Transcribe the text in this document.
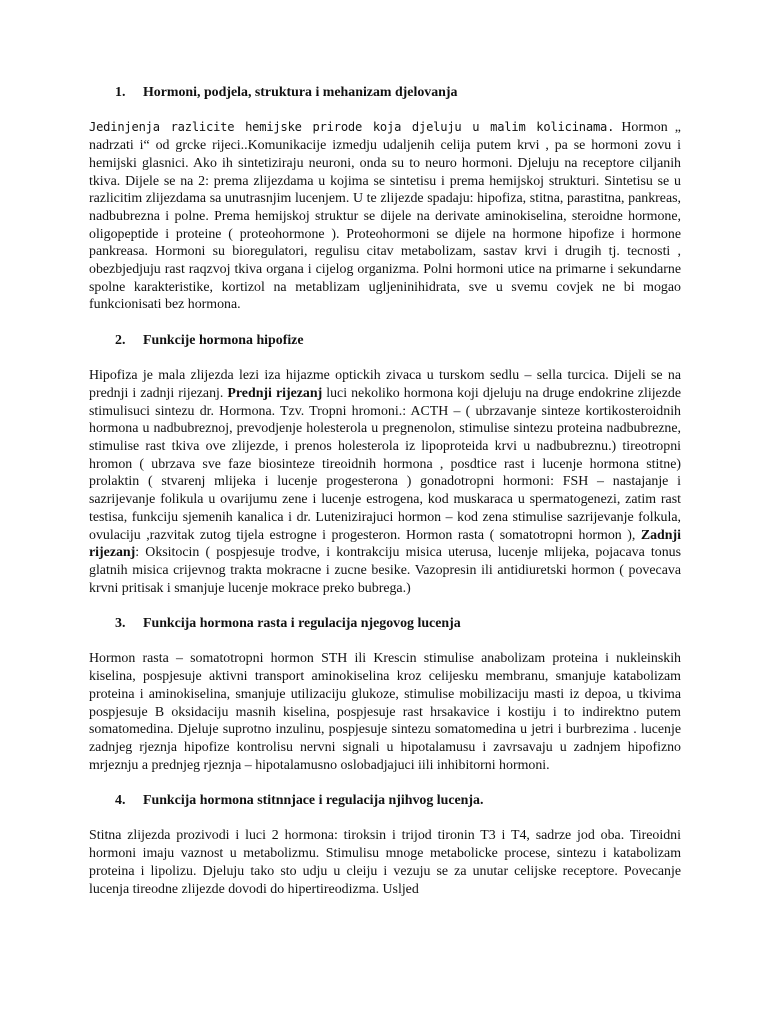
1. Hormoni, podjela, struktura i mehanizam djelovanja

Jedinjenja razlicite hemijske prirode koja djeluju u malim kolicinama. Hormon „ nadrzati i“ od grcke rijeci..Komunikacije izmedju udaljenih celija putem krvi , pa se hormoni zovu i hemijski glasnici. Ako ih sintetiziraju neuroni, onda su to neuro hormoni. Djeluju na receptore ciljanih tkiva. Dijele se na 2: prema zlijezdama u kojima se sintetisu i prema hemijskoj strukturi. Sintetisu se u razlicitim zlijezdama sa unutrasnjim lucenjem. U te zlijezde spadaju: hipofiza, stitna, parastitna, pankreas, nadbubrezna i polne. Prema hemijskoj struktur se dijele na derivate aminokiselina, steroidne hormone, oligopeptide i proteine ( proteohormone ). Proteohormoni se dijele na hormone hipofize i hormone pankreasa. Hormoni su bioregulatori, regulisu citav metabolizam, sastav krvi i drugih tj. tecnosti , obezbjedjuju rast raqzvoj tkiva organa i cijelog organizma. Polni hormoni utice na primarne i sekundarne spolne karakteristike, kortizol na metablizam ugljeninihidrata, sve u svemu covjek ne bi mogao funkcionisati bez hormona.

2. Funkcije hormona hipofize

Hipofiza je mala zlijezda lezi iza hijazme optickih zivaca u turskom sedlu – sella turcica. Dijeli se na prednji i zadnji rijezanj. Prednji rijezanj luci nekoliko hormona koji djeluju na druge endokrine zlijezde stimulisuci sintezu dr. Hormona. Tzv. Tropni hromoni.: ACTH – ( ubrzavanje sinteze kortikosteroidnih hormona u nadbubreznoj, prevodjenje holesterola u pregnenolon, stimulise sintezu proteina nadbubrezne, stimulise rast tkiva ove zlijezde, i prenos holesterola iz lipoproteida krvi u nadbubreznu.) tireotropni hromon ( ubrzava sve faze biosinteze tireoidnih hormona , posdtice rast i lucenje hormona stitne) prolaktin ( stvarenj mlijeka i lucenje progesterona ) gonadotropni hormoni: FSH – nastajanje i sazrijevanje folikula u ovarijumu zene i lucenje estrogena, kod muskaraca u spermatogenezi, zatim rast testisa, funkciju sjemenih kanalica i dr. Lutenizirajuci hormon – kod zena stimulise sazrijevanje folkula, ovulaciju ,razvitak zutog tijela estrogne i progesteron. Hormon rasta ( somatotropni hormon ), Zadnji rijezanj: Oksitocin ( pospjesuje trodve, i kontrakciju misica uterusa, lucenje mlijeka, pojacava tonus glatnih misica crijevnog trakta mokracne i zucne besike. Vazopresin ili antidiuretski hormon ( povecava krvni pritisak i smanjuje lucenje mokrace preko bubrega.)

3. Funkcija hormona rasta i regulacija njegovog lucenja

Hormon rasta – somatotropni hormon STH ili Krescin stimulise anabolizam proteina i nukleinskih kiselina, pospjesuje aktivni transport aminokiselina kroz celijesku membranu, smanjuje katabolizam proteina i aminokiselina, smanjuje utilizaciju glukoze, stimulise mobilizaciju masti iz depoa, u tkivima pospjesuje B oksidaciju masnih kiselina, pospjesuje rast hrsakavice i kostiju i to indirektno putem somatomedina. Djeluje suprotno inzulinu, pospjesuje sintezu somatomedina u jetri i burbrezima . lucenje zadnjeg rjeznja hipofize kontrolisu nervni signali u hipotalamusu i zavrsavaju u zadnjem hipofizno mrjeznju a prednjeg rjeznja – hipotalamusno oslobadjajuci iili inhibitorni hormoni.

4. Funkcija hormona stitnnjace i regulacija njihvog lucenja.

Stitna zlijezda prozivodi i luci 2 hormona: tiroksin i trijod tironin T3 i T4, sadrze jod oba. Tireoidni hormoni imaju vaznost u metabolizmu. Stimulisu mnoge metabolicke procese, sintezu i katabolizam proteina i lipolizu. Djeluju tako sto udju u cleiju i vezuju se za unutar celijske receptore. Povecanje lucenja tireodne zlijezde dovodi do hipertireodizma. Usljed
